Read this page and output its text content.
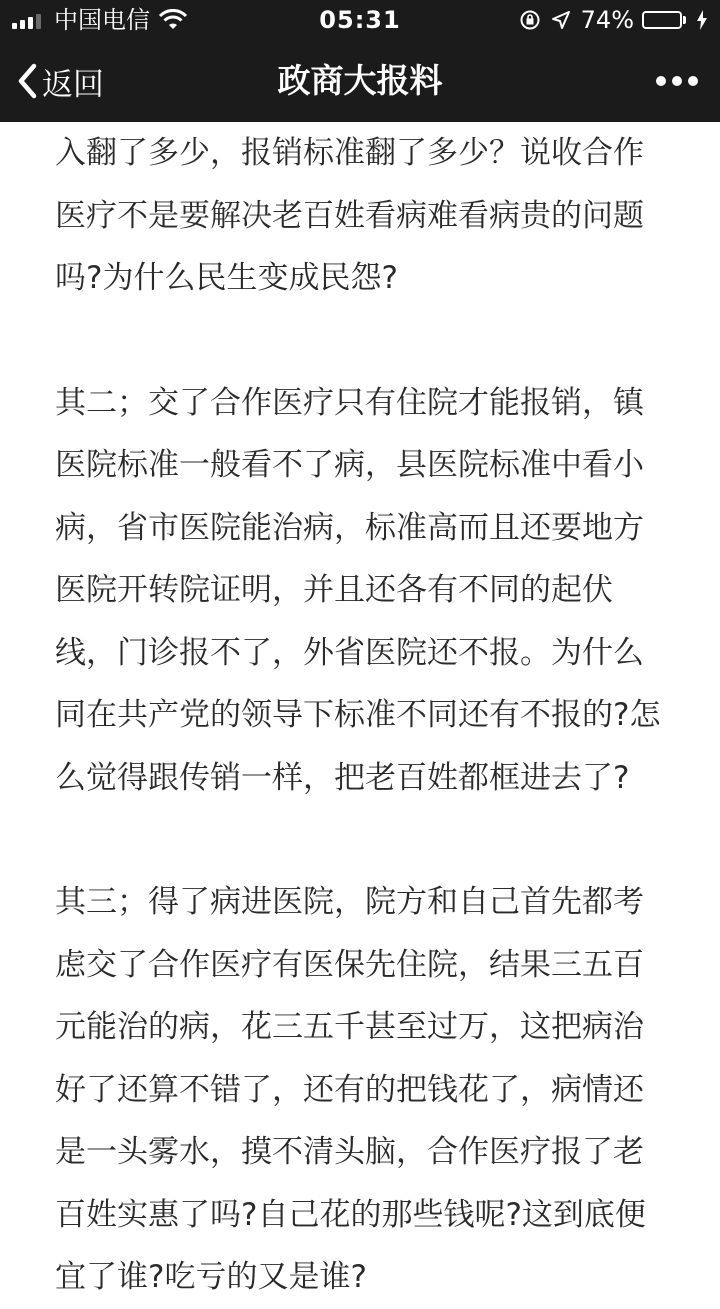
中国电信	05:31	74%
返回	政商大报料

入翻了多少，报销标准翻了多少？说收合作医疗不是要解决老百姓看病难看病贵的问题吗?为什么民生变成民怨?

其二；交了合作医疗只有住院才能报销，镇医院标准一般看不了病，县医院标准中看小病，省市医院能治病，标准高而且还要地方医院开转院证明，并且还各有不同的起伏线，门诊报不了，外省医院还不报。为什么同在共产党的领导下标准不同还有不报的?怎么觉得跟传销一样，把老百姓都框进去了?

其三；得了病进医院，院方和自己首先都考虑交了合作医疗有医保先住院，结果三五百元能治的病，花三五千甚至过万，这把病治好了还算不错了，还有的把钱花了，病情还是一头雾水，摸不清头脑，合作医疗报了老百姓实惠了吗?自己花的那些钱呢?这到底便宜了谁?吃亏的又是谁?
